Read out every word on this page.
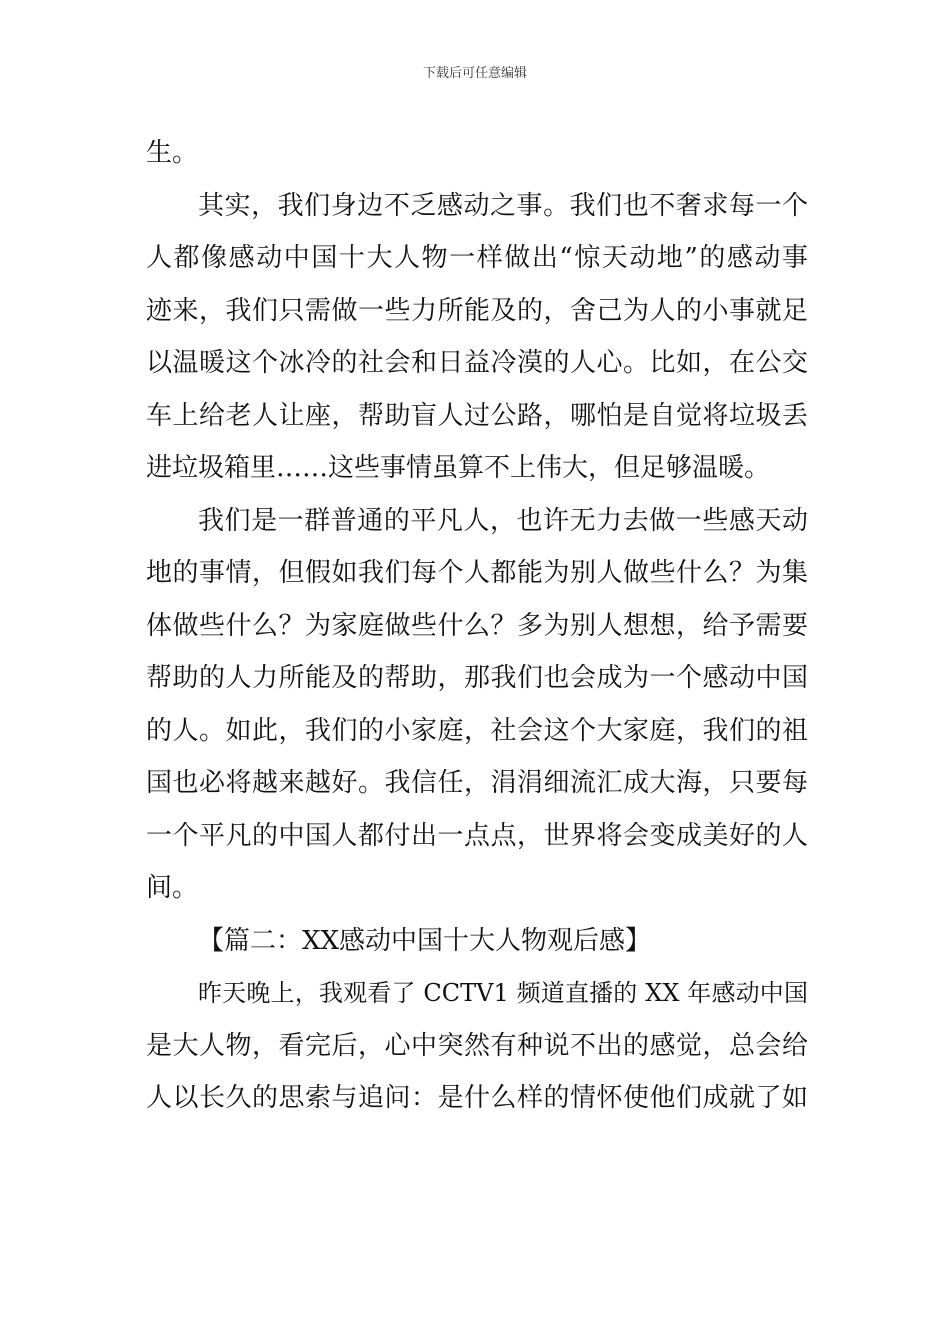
下载后可任意编辑
生。
其实，我们身边不乏感动之事。我们也不奢求每一个
人都像感动中国十大人物一样做出“惊天动地”的感动事
迹来，我们只需做一些力所能及的，舍己为人的小事就足
以温暖这个冰冷的社会和日益冷漠的人心。比如，在公交
车上给老人让座，帮助盲人过公路，哪怕是自觉将垃圾丢
进垃圾箱里……这些事情虽算不上伟大，但足够温暖。
我们是一群普通的平凡人，也许无力去做一些感天动
地的事情，但假如我们每个人都能为别人做些什么？为集
体做些什么？为家庭做些什么？多为别人想想，给予需要
帮助的人力所能及的帮助，那我们也会成为一个感动中国
的人。如此，我们的小家庭，社会这个大家庭，我们的祖
国也必将越来越好。我信任，涓涓细流汇成大海，只要每
一个平凡的中国人都付出一点点，世界将会变成美好的人
间。
【篇二：XX感动中国十大人物观后感】
昨天晚上，我观看了 CCTV1 频道直播的 XX 年感动中国
是大人物，看完后，心中突然有种说不出的感觉，总会给
人以长久的思索与追问：是什么样的情怀使他们成就了如
